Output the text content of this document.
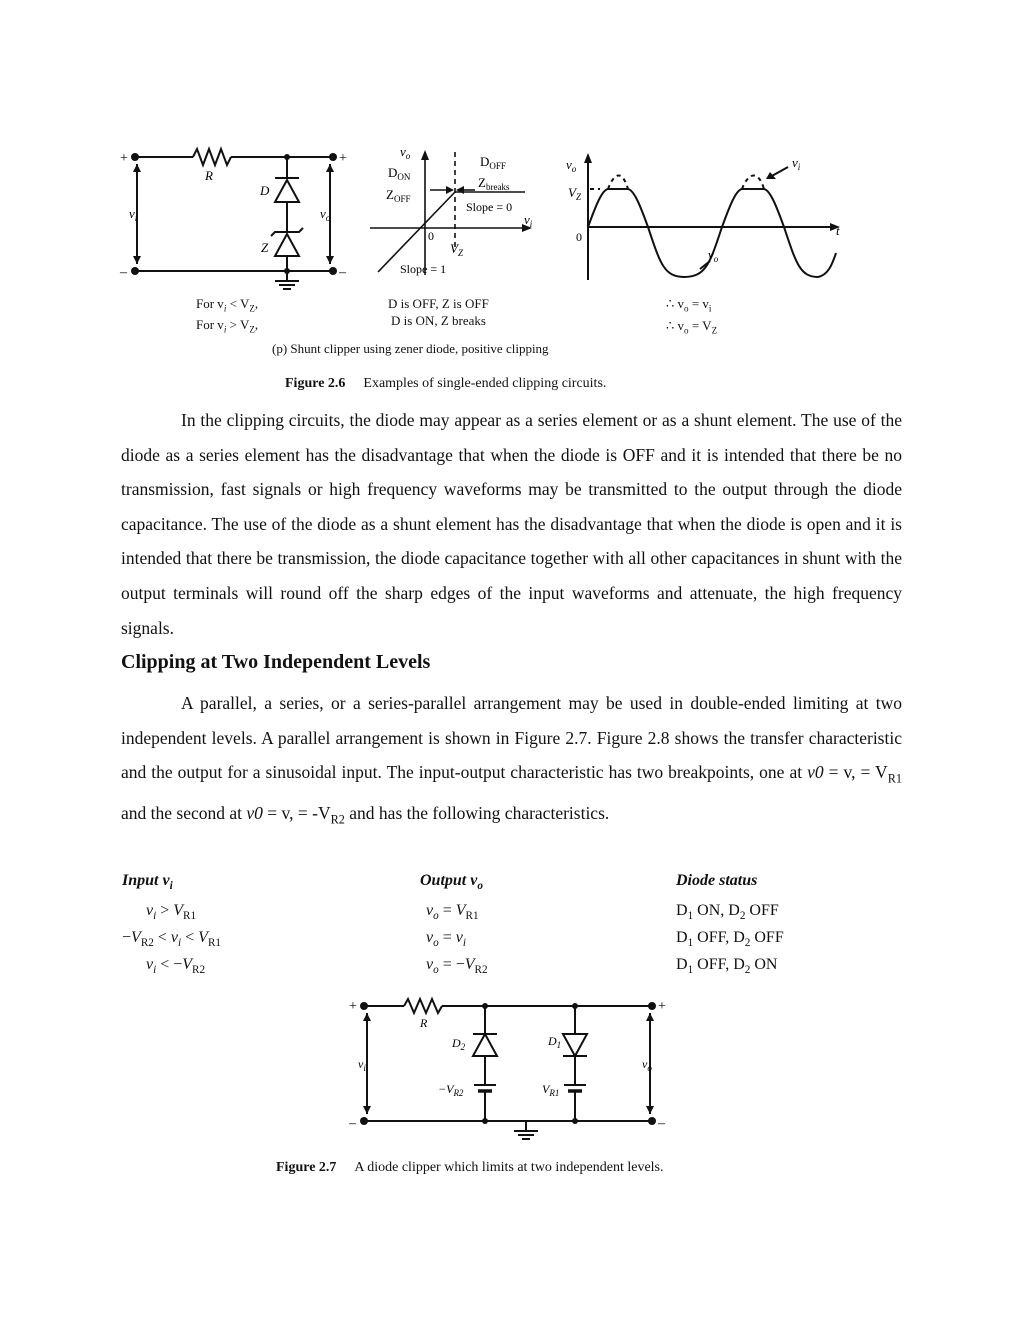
+	+
–	–
R
D
Z
$v_i$	$v_o$
$v_o$
$D_{ON}$
$Z_{OFF}$
$D_{OFF}$
$Z_{breaks}$
Slope = 0
Slope = 1
0
$V_Z$
$v_i$
$v_o$
$V_Z$
0
$v_i$
$v_o$
t
For $v_i < V_Z$,
For $v_i > V_Z$,
D is OFF, Z is OFF
D is ON, Z breaks
∴ $v_o = v_i$
∴ $v_o = V_Z$
(p) Shunt clipper using zener diode, positive clipping
Figure 2.6 Examples of single-ended clipping circuits.

In the clipping circuits, the diode may appear as a series element or as a shunt element. The use of the diode as a series element has the disadvantage that when the diode is OFF and it is intended that there be no transmission, fast signals or high frequency waveforms may be transmitted to the output through the diode capacitance. The use of the diode as a shunt element has the disadvantage that when the diode is open and it is intended that there be transmission, the diode capacitance together with all other capacitances in shunt with the output terminals will round off the sharp edges of the input waveforms and attenuate, the high frequency signals.

Clipping at Two Independent Levels

A parallel, a series, or a series-parallel arrangement may be used in double-ended limiting at two independent levels. A parallel arrangement is shown in Figure 2.7. Figure 2.8 shows the transfer characteristic and the output for a sinusoidal input. The input-output characteristic has two breakpoints, one at v0 = v, = $V_{R1}$ and the second at v0 = v, = $-V_{R2}$ and has the following characteristics.

Input $v_i$	Output $v_o$	Diode status
$v_i > V_{R1}$	$v_o = V_{R1}$	$D_1$ ON, $D_2$ OFF
$-V_{R2} < v_i < V_{R1}$	$v_o = v_i$	$D_1$ OFF, $D_2$ OFF
$v_i < -V_{R2}$	$v_o = -V_{R2}$	$D_1$ OFF, $D_2$ ON
+	+
–	–
R
$D_2$	$D_1$
$-V_{R2}$	$V_{R1}$
$v_i$	$v_o$
Figure 2.7 A diode clipper which limits at two independent levels.
